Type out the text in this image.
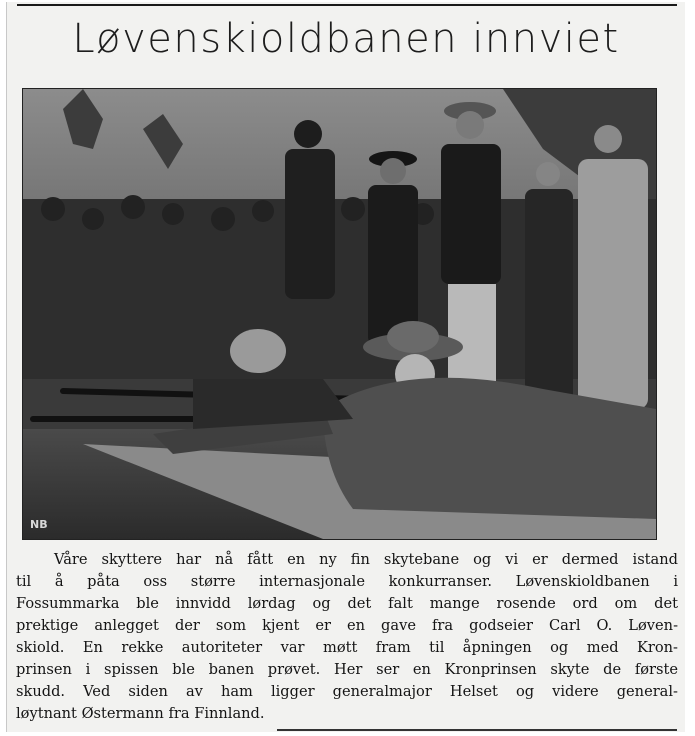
Løvenskioldbanen innviet
NB
Våre skyttere har nå fått en ny fin skytebane og vi er dermed istand
til å påta oss større internasjonale konkurranser. Løvenskioldbanen i
Fossummarka ble innvidd lørdag og det falt mange rosende ord om det
prektige anlegget der som kjent er en gave fra godseier Carl O. Løven-
skiold. En rekke autoriteter var møtt fram til åpningen og med Kron-
prinsen i spissen ble banen prøvet. Her ser en Kronprinsen skyte de første
skudd. Ved siden av ham ligger generalmajor Helset og videre general-
løytnant Østermann fra Finnland.
